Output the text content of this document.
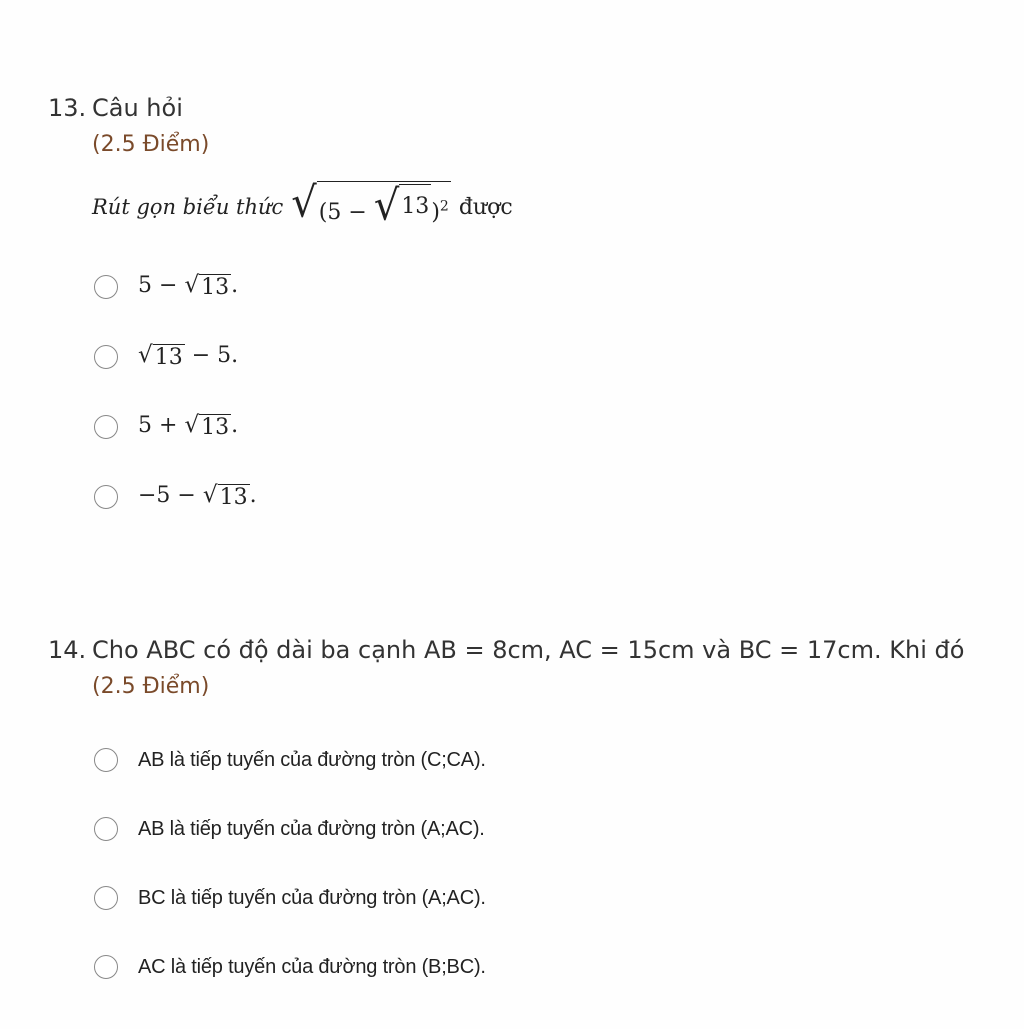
13. Câu hỏi
(2.5 Điểm)
Rút gọn biểu thức √ (5 − √ 13 )$^2$ được
5 − √ 13 .
√ 13 − 5.
5 + √ 13 .
−5 − √ 13 .
14. Cho ABC có độ dài ba cạnh AB = 8cm, AC = 15cm và BC = 17cm. Khi đó
(2.5 Điểm)
AB là tiếp tuyến của đường tròn (C;CA).
AB là tiếp tuyến của đường tròn (A;AC).
BC là tiếp tuyến của đường tròn (A;AC).
AC là tiếp tuyến của đường tròn (B;BC).
